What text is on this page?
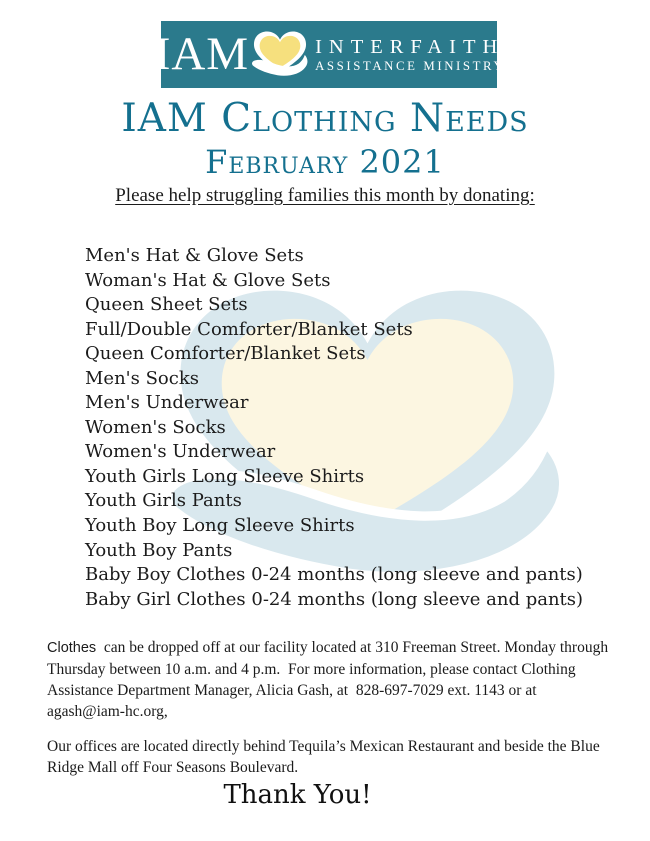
IAM	INTERFAITH
ASSISTANCE MINISTRY
IAM Clothing Needs
February 2021
Please help struggling families this month by donating:
Men's Hat & Glove Sets
Woman's Hat & Glove Sets
Queen Sheet Sets
Full/Double Comforter/Blanket Sets
Queen Comforter/Blanket Sets
Men's Socks
Men's Underwear
Women's Socks
Women's Underwear
Youth Girls Long Sleeve Shirts
Youth Girls Pants
Youth Boy Long Sleeve Shirts
Youth Boy Pants
Baby Boy Clothes 0-24 months (long sleeve and pants)
Baby Girl Clothes 0-24 months (long sleeve and pants)

Clothes  can be dropped off at our facility located at 310 Freeman Street. Monday through Thursday between 10 a.m. and 4 p.m.  For more information, please contact Clothing Assistance Department Manager, Alicia Gash, at  828-697-7029 ext. 1143 or at  agash@iam-hc.org,

Our offices are located directly behind Tequila’s Mexican Restaurant and beside the Blue Ridge Mall off Four Seasons Boulevard.

Thank You!
